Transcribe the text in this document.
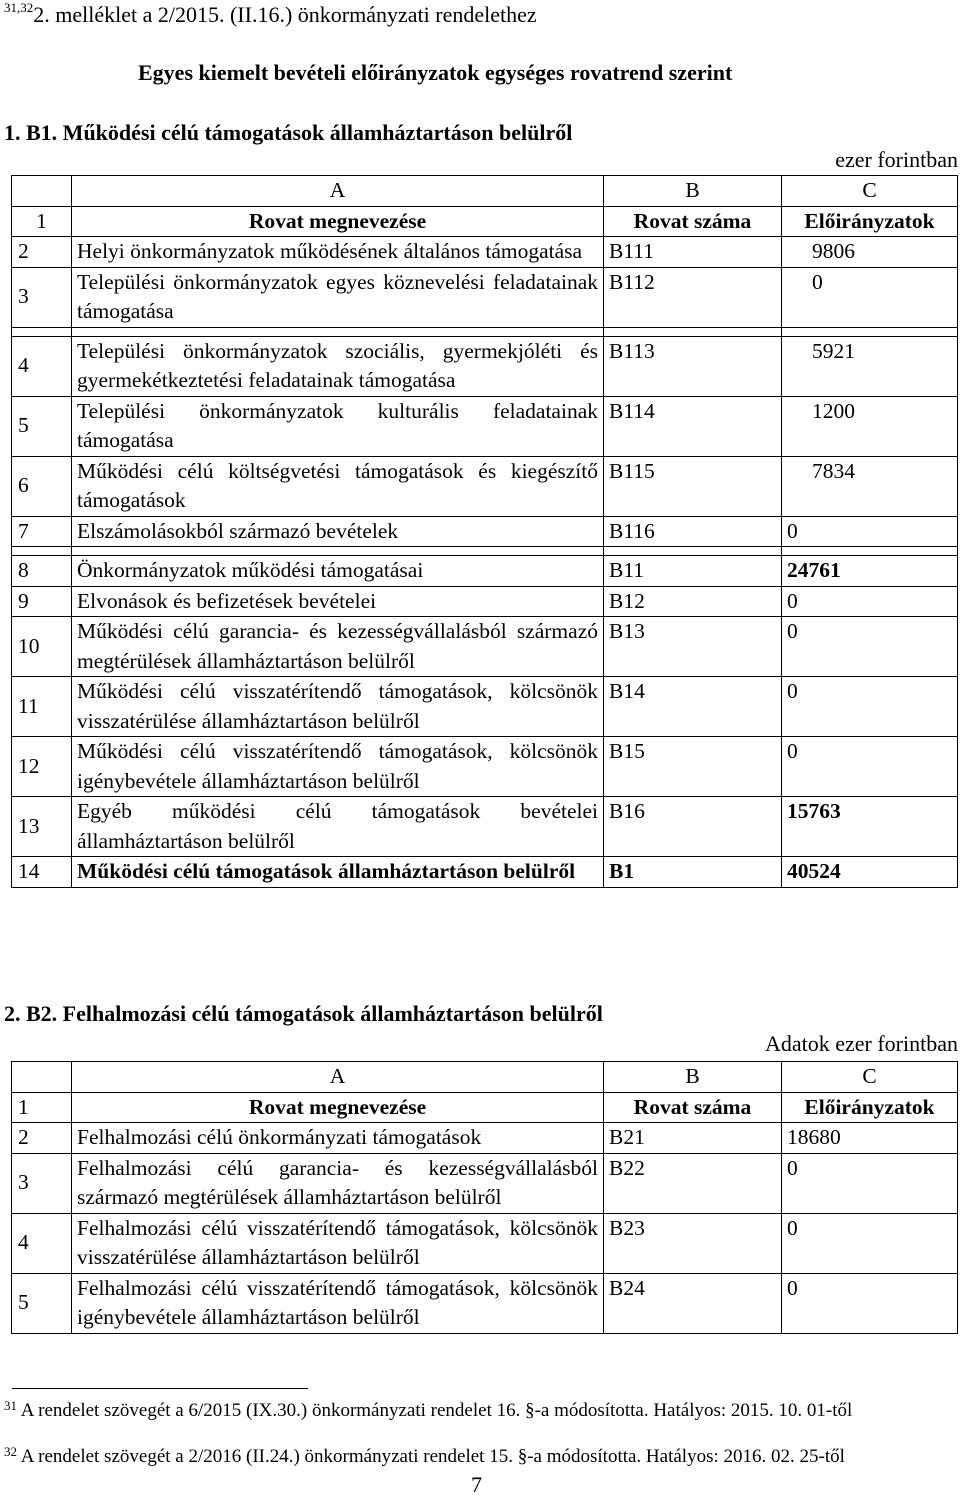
$^{31,32}$2. melléklet a 2/2015. (II.16.) önkormányzati rendelethez
Egyes kiemelt bevételi előirányzatok egységes rovatrend szerint
1. B1. Működési célú támogatások államháztartáson belülről
ezer forintban
	A	B	C
1	Rovat megnevezése	Rovat száma	Előirányzatok
2	Helyi önkormányzatok működésének általános támogatása	B111	9806
3	Települési önkormányzatok egyes köznevelési feladatainak támogatása	B112	0

4	Települési önkormányzatok szociális, gyermekjóléti és gyermekétkeztetési feladatainak támogatása	B113	5921
5	Települési önkormányzatok kulturális feladatainak támogatása	B114	1200
6	Működési célú költségvetési támogatások és kiegészítő támogatások	B115	7834
7	Elszámolásokból származó bevételek	B116	0

8	Önkormányzatok működési támogatásai	B11	24761
9	Elvonások és befizetések bevételei	B12	0
10	Működési célú garancia- és kezességvállalásból származó megtérülések államháztartáson belülről	B13	0
11	Működési célú visszatérítendő támogatások, kölcsönök visszatérülése államháztartáson belülről	B14	0
12	Működési célú visszatérítendő támogatások, kölcsönök igénybevétele államháztartáson belülről	B15	0
13	Egyéb működési célú támogatások bevételei államháztartáson belülről	B16	15763
14	Működési célú támogatások államháztartáson belülről	B1	40524
2. B2. Felhalmozási célú támogatások államháztartáson belülről
Adatok ezer forintban
	A	B	C
1	Rovat megnevezése	Rovat száma	Előirányzatok
2	Felhalmozási célú önkormányzati támogatások	B21	18680
3	Felhalmozási célú garancia- és kezességvállalásból származó megtérülések államháztartáson belülről	B22	0
4	Felhalmozási célú visszatérítendő támogatások, kölcsönök visszatérülése államháztartáson belülről	B23	0
5	Felhalmozási célú visszatérítendő támogatások, kölcsönök igénybevétele államháztartáson belülről	B24	0
$^{31}$ A rendelet szövegét a 6/2015 (IX.30.) önkormányzati rendelet 16. §-a módosította. Hatályos: 2015. 10. 01-től
$^{32}$ A rendelet szövegét a 2/2016 (II.24.) önkormányzati rendelet 15. §-a módosította. Hatályos: 2016. 02. 25-től
7
